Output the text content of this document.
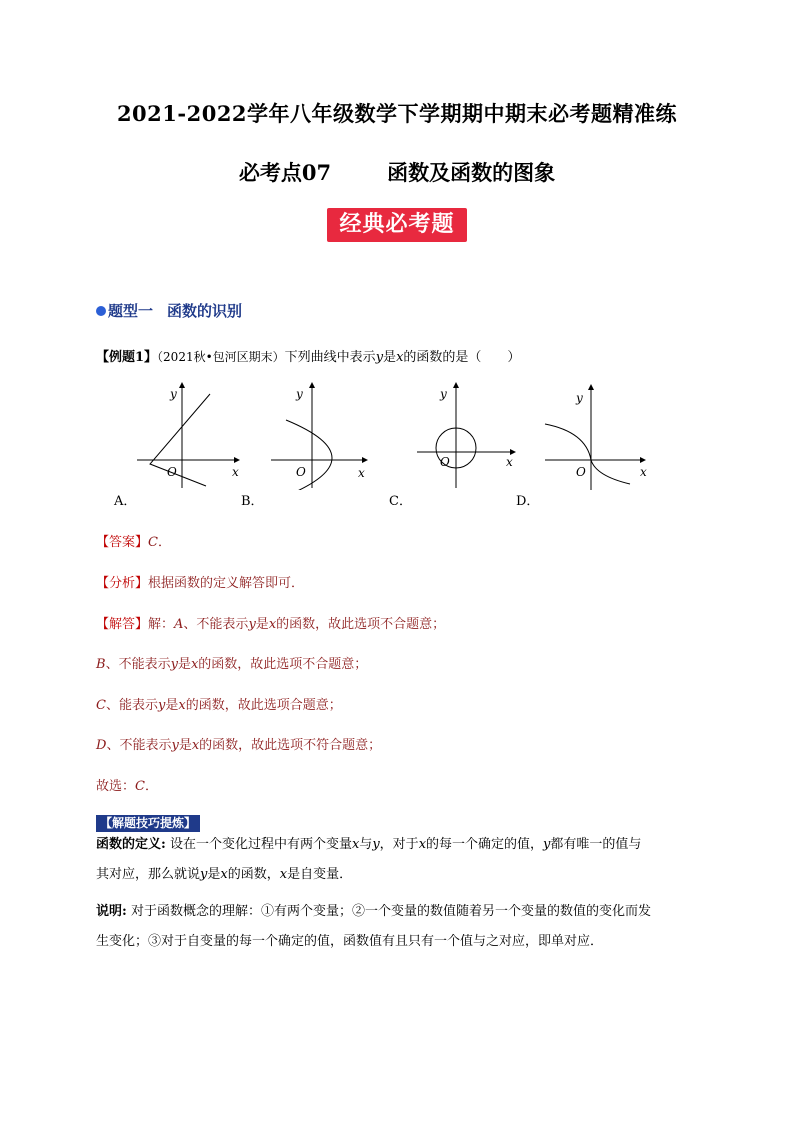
2021-2022学年八年级数学下学期期中期末必考题精准练
必考点07	函数及函数的图象
经典必考题
题型一 函数的识别
【例题1】（2021秋•包河区期末）下列曲线中表示y是x的函数的是（　　）
x
y
O
A．
x
y
O
B．
x
y
O
C．
x
y
O
D．
【答案】C．
【分析】根据函数的定义解答即可．
【解答】解：A、不能表示y是x的函数，故此选项不合题意；
B、不能表示y是x的函数，故此选项不合题意；
C、能表示y是x的函数，故此选项合题意；
D、不能表示y是x的函数，故此选项不符合题意；
故选：C．
【解题技巧提炼】
函数的定义: 设在一个变化过程中有两个变量x与y，对于x的每一个确定的值，y都有唯一的值与
其对应，那么就说y是x的函数，x是自变量．
说明: 对于函数概念的理解：①有两个变量；②一个变量的数值随着另一个变量的数值的变化而发
生变化；③对于自变量的每一个确定的值，函数值有且只有一个值与之对应，即单对应．
